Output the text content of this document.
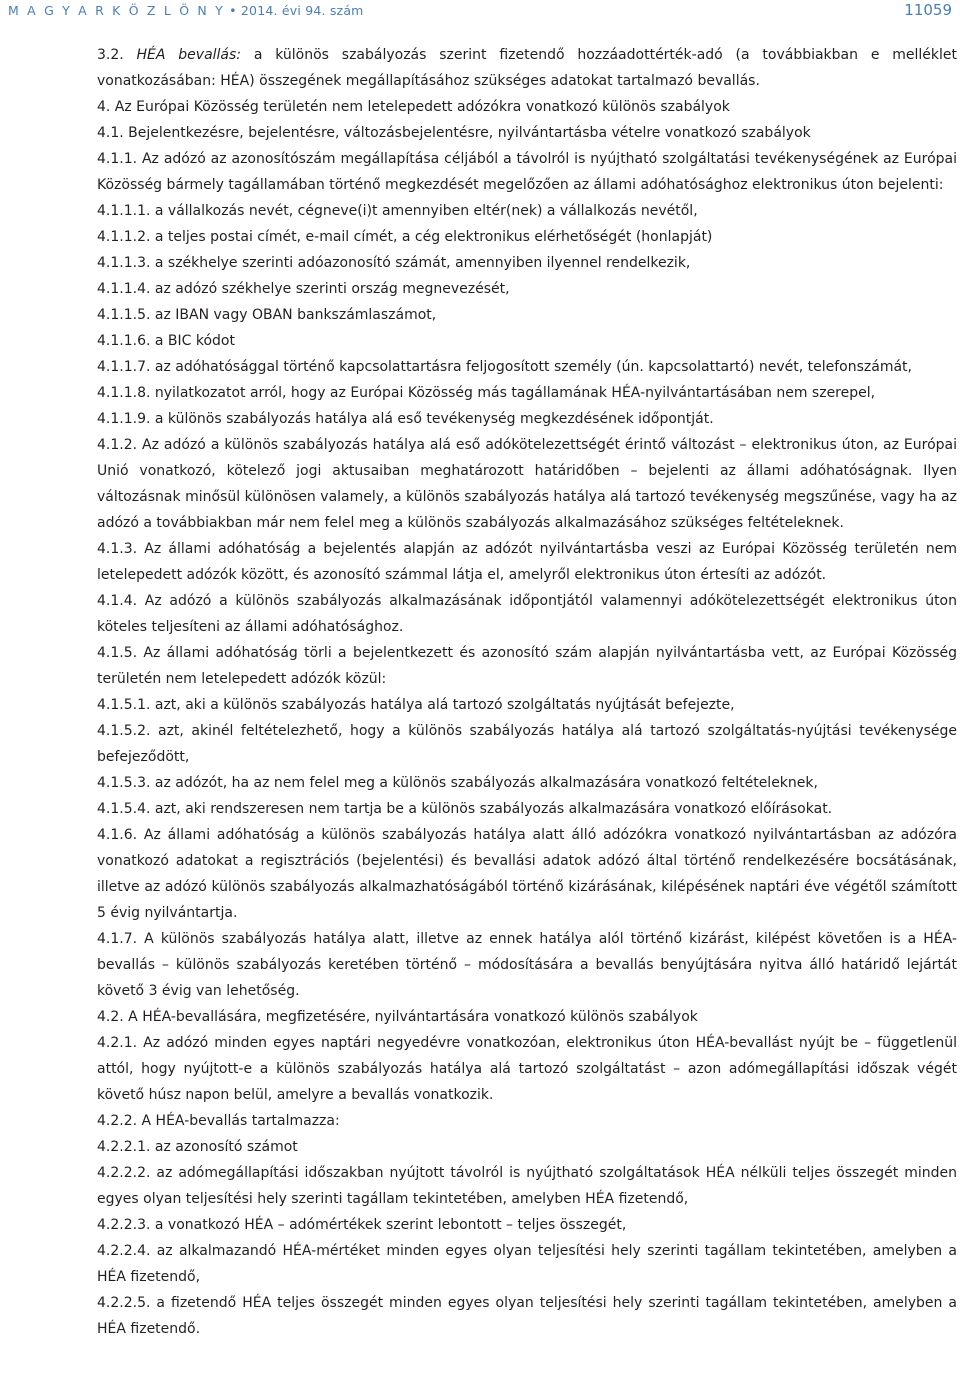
M A G Y A R K Ö Z L Ö N Y • 2014. évi 94. szám	11059

3.2. HÉA bevallás: a különös szabályozás szerint fizetendő hozzáadottérték-adó (a továbbiakban e melléklet vonatkozásában: HÉA) összegének megállapításához szükséges adatokat tartalmazó bevallás.

4. Az Európai Közösség területén nem letelepedett adózókra vonatkozó különös szabályok

4.1. Bejelentkezésre, bejelentésre, változásbejelentésre, nyilvántartásba vételre vonatkozó szabályok

4.1.1. Az adózó az azonosítószám megállapítása céljából a távolról is nyújtható szolgáltatási tevékenységének az Európai Közösség bármely tagállamában történő megkezdését megelőzően az állami adóhatósághoz elektronikus úton bejelenti:

4.1.1.1. a vállalkozás nevét, cégneve(i)t amennyiben eltér(nek) a vállalkozás nevétől,

4.1.1.2. a teljes postai címét, e-mail címét, a cég elektronikus elérhetőségét (honlapját)

4.1.1.3. a székhelye szerinti adóazonosító számát, amennyiben ilyennel rendelkezik,

4.1.1.4. az adózó székhelye szerinti ország megnevezését,

4.1.1.5. az IBAN vagy OBAN bankszámlaszámot,

4.1.1.6. a BIC kódot

4.1.1.7. az adóhatósággal történő kapcsolattartásra feljogosított személy (ún. kapcsolattartó) nevét, telefonszámát,

4.1.1.8. nyilatkozatot arról, hogy az Európai Közösség más tagállamának HÉA-nyilvántartásában nem szerepel,

4.1.1.9. a különös szabályozás hatálya alá eső tevékenység megkezdésének időpontját.

4.1.2. Az adózó a különös szabályozás hatálya alá eső adókötelezettségét érintő változást – elektronikus úton, az Európai Unió vonatkozó, kötelező jogi aktusaiban meghatározott határidőben – bejelenti az állami adóhatóságnak. Ilyen változásnak minősül különösen valamely, a különös szabályozás hatálya alá tartozó tevékenység megszűnése, vagy ha az adózó a továbbiakban már nem felel meg a különös szabályozás alkalmazásához szükséges feltételeknek.

4.1.3. Az állami adóhatóság a bejelentés alapján az adózót nyilvántartásba veszi az Európai Közösség területén nem letelepedett adózók között, és azonosító számmal látja el, amelyről elektronikus úton értesíti az adózót.

4.1.4. Az adózó a különös szabályozás alkalmazásának időpontjától valamennyi adókötelezettségét elektronikus úton köteles teljesíteni az állami adóhatósághoz.

4.1.5. Az állami adóhatóság törli a bejelentkezett és azonosító szám alapján nyilvántartásba vett, az Európai Közösség területén nem letelepedett adózók közül:

4.1.5.1. azt, aki a különös szabályozás hatálya alá tartozó szolgáltatás nyújtását befejezte,

4.1.5.2. azt, akinél feltételezhető, hogy a különös szabályozás hatálya alá tartozó szolgáltatás-nyújtási tevékenysége befejeződött,

4.1.5.3. az adózót, ha az nem felel meg a különös szabályozás alkalmazására vonatkozó feltételeknek,

4.1.5.4. azt, aki rendszeresen nem tartja be a különös szabályozás alkalmazására vonatkozó előírásokat.

4.1.6. Az állami adóhatóság a különös szabályozás hatálya alatt álló adózókra vonatkozó nyilvántartásban az adózóra vonatkozó adatokat a regisztrációs (bejelentési) és bevallási adatok adózó által történő rendelkezésére bocsátásának, illetve az adózó különös szabályozás alkalmazhatóságából történő kizárásának, kilépésének naptári éve végétől számított 5 évig nyilvántartja.

4.1.7. A különös szabályozás hatálya alatt, illetve az ennek hatálya alól történő kizárást, kilépést követően is a HÉA-bevallás – különös szabályozás keretében történő – módosítására a bevallás benyújtására nyitva álló határidő lejártát követő 3 évig van lehetőség.

4.2. A HÉA-bevallására, megfizetésére, nyilvántartására vonatkozó különös szabályok

4.2.1. Az adózó minden egyes naptári negyedévre vonatkozóan, elektronikus úton HÉA-bevallást nyújt be – függetlenül attól, hogy nyújtott-e a különös szabályozás hatálya alá tartozó szolgáltatást – azon adómegállapítási időszak végét követő húsz napon belül, amelyre a bevallás vonatkozik.

4.2.2. A HÉA-bevallás tartalmazza:

4.2.2.1. az azonosító számot

4.2.2.2. az adómegállapítási időszakban nyújtott távolról is nyújtható szolgáltatások HÉA nélküli teljes összegét minden egyes olyan teljesítési hely szerinti tagállam tekintetében, amelyben HÉA fizetendő,

4.2.2.3. a vonatkozó HÉA – adómértékek szerint lebontott – teljes összegét,

4.2.2.4. az alkalmazandó HÉA-mértéket minden egyes olyan teljesítési hely szerinti tagállam tekintetében, amelyben a HÉA fizetendő,

4.2.2.5. a fizetendő HÉA teljes összegét minden egyes olyan teljesítési hely szerinti tagállam tekintetében, amelyben a HÉA fizetendő.
